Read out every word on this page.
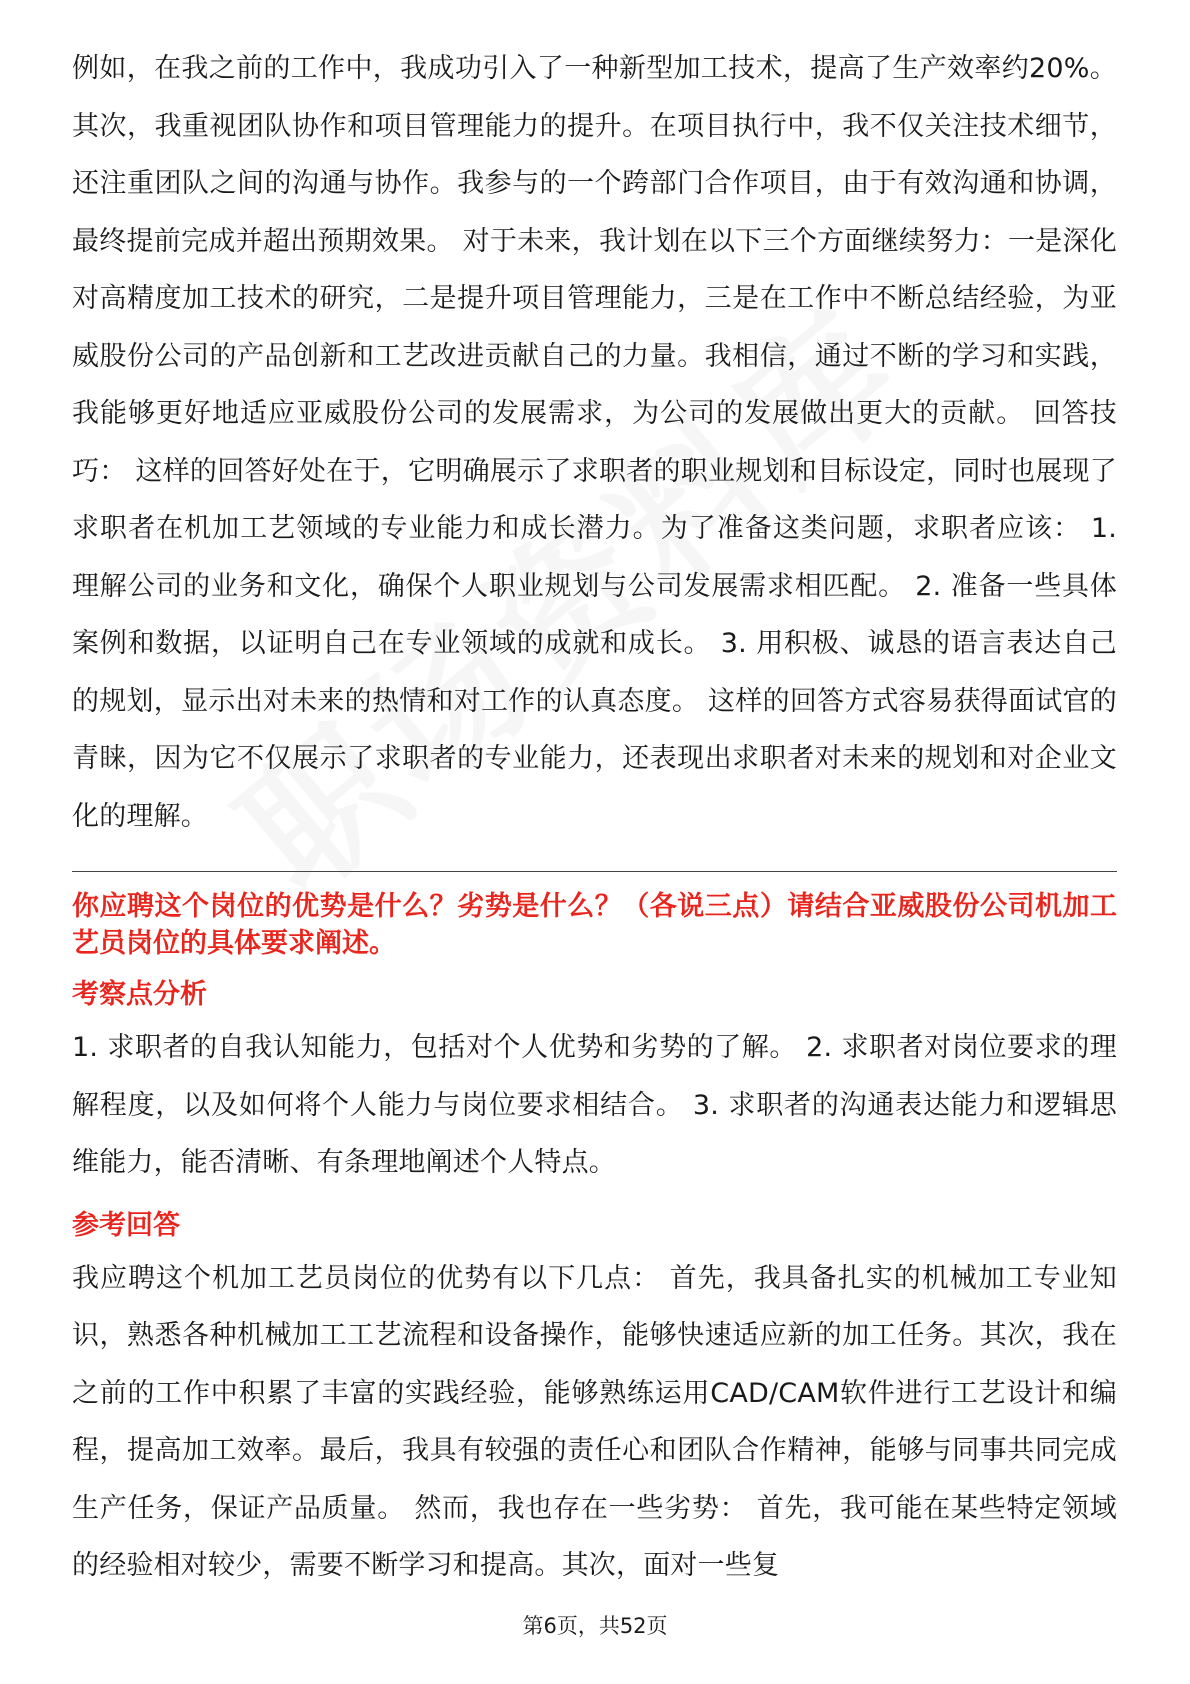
例如，在我之前的工作中，我成功引入了一种新型加工技术，提高了生产效率约20%。 其次，我重视团队协作和项目管理能力的提升。在项目执行中，我不仅关注技术细节，还注重团队之间的沟通与协作。我参与的一个跨部门合作项目，由于有效沟通和协调，最终提前完成并超出预期效果。 对于未来，我计划在以下三个方面继续努力：一是深化对高精度加工技术的研究，二是提升项目管理能力，三是在工作中不断总结经验，为亚威股份公司的产品创新和工艺改进贡献自己的力量。我相信，通过不断的学习和实践，我能够更好地适应亚威股份公司的发展需求，为公司的发展做出更大的贡献。 回答技巧： 这样的回答好处在于，它明确展示了求职者的职业规划和目标设定，同时也展现了求职者在机加工艺领域的专业能力和成长潜力。为了准备这类问题，求职者应该： 1. 理解公司的业务和文化，确保个人职业规划与公司发展需求相匹配。 2. 准备一些具体案例和数据，以证明自己在专业领域的成就和成长。 3. 用积极、诚恳的语言表达自己的规划，显示出对未来的热情和对工作的认真态度。 这样的回答方式容易获得面试官的青睐，因为它不仅展示了求职者的专业能力，还表现出求职者对未来的规划和对企业文化的理解。

你应聘这个岗位的优势是什么？劣势是什么？（各说三点）请结合亚威股份公司机加工艺员岗位的具体要求阐述。

考察点分析

1. 求职者的自我认知能力，包括对个人优势和劣势的了解。 2. 求职者对岗位要求的理解程度，以及如何将个人能力与岗位要求相结合。 3. 求职者的沟通表达能力和逻辑思维能力，能否清晰、有条理地阐述个人特点。

参考回答

我应聘这个机加工艺员岗位的优势有以下几点： 首先，我具备扎实的机械加工专业知识，熟悉各种机械加工工艺流程和设备操作，能够快速适应新的加工任务。其次，我在之前的工作中积累了丰富的实践经验，能够熟练运用CAD/CAM软件进行工艺设计和编程，提高加工效率。最后，我具有较强的责任心和团队合作精神，能够与同事共同完成生产任务，保证产品质量。 然而，我也存在一些劣势： 首先，我可能在某些特定领域的经验相对较少，需要不断学习和提高。其次，面对一些复

第6页，共52页
